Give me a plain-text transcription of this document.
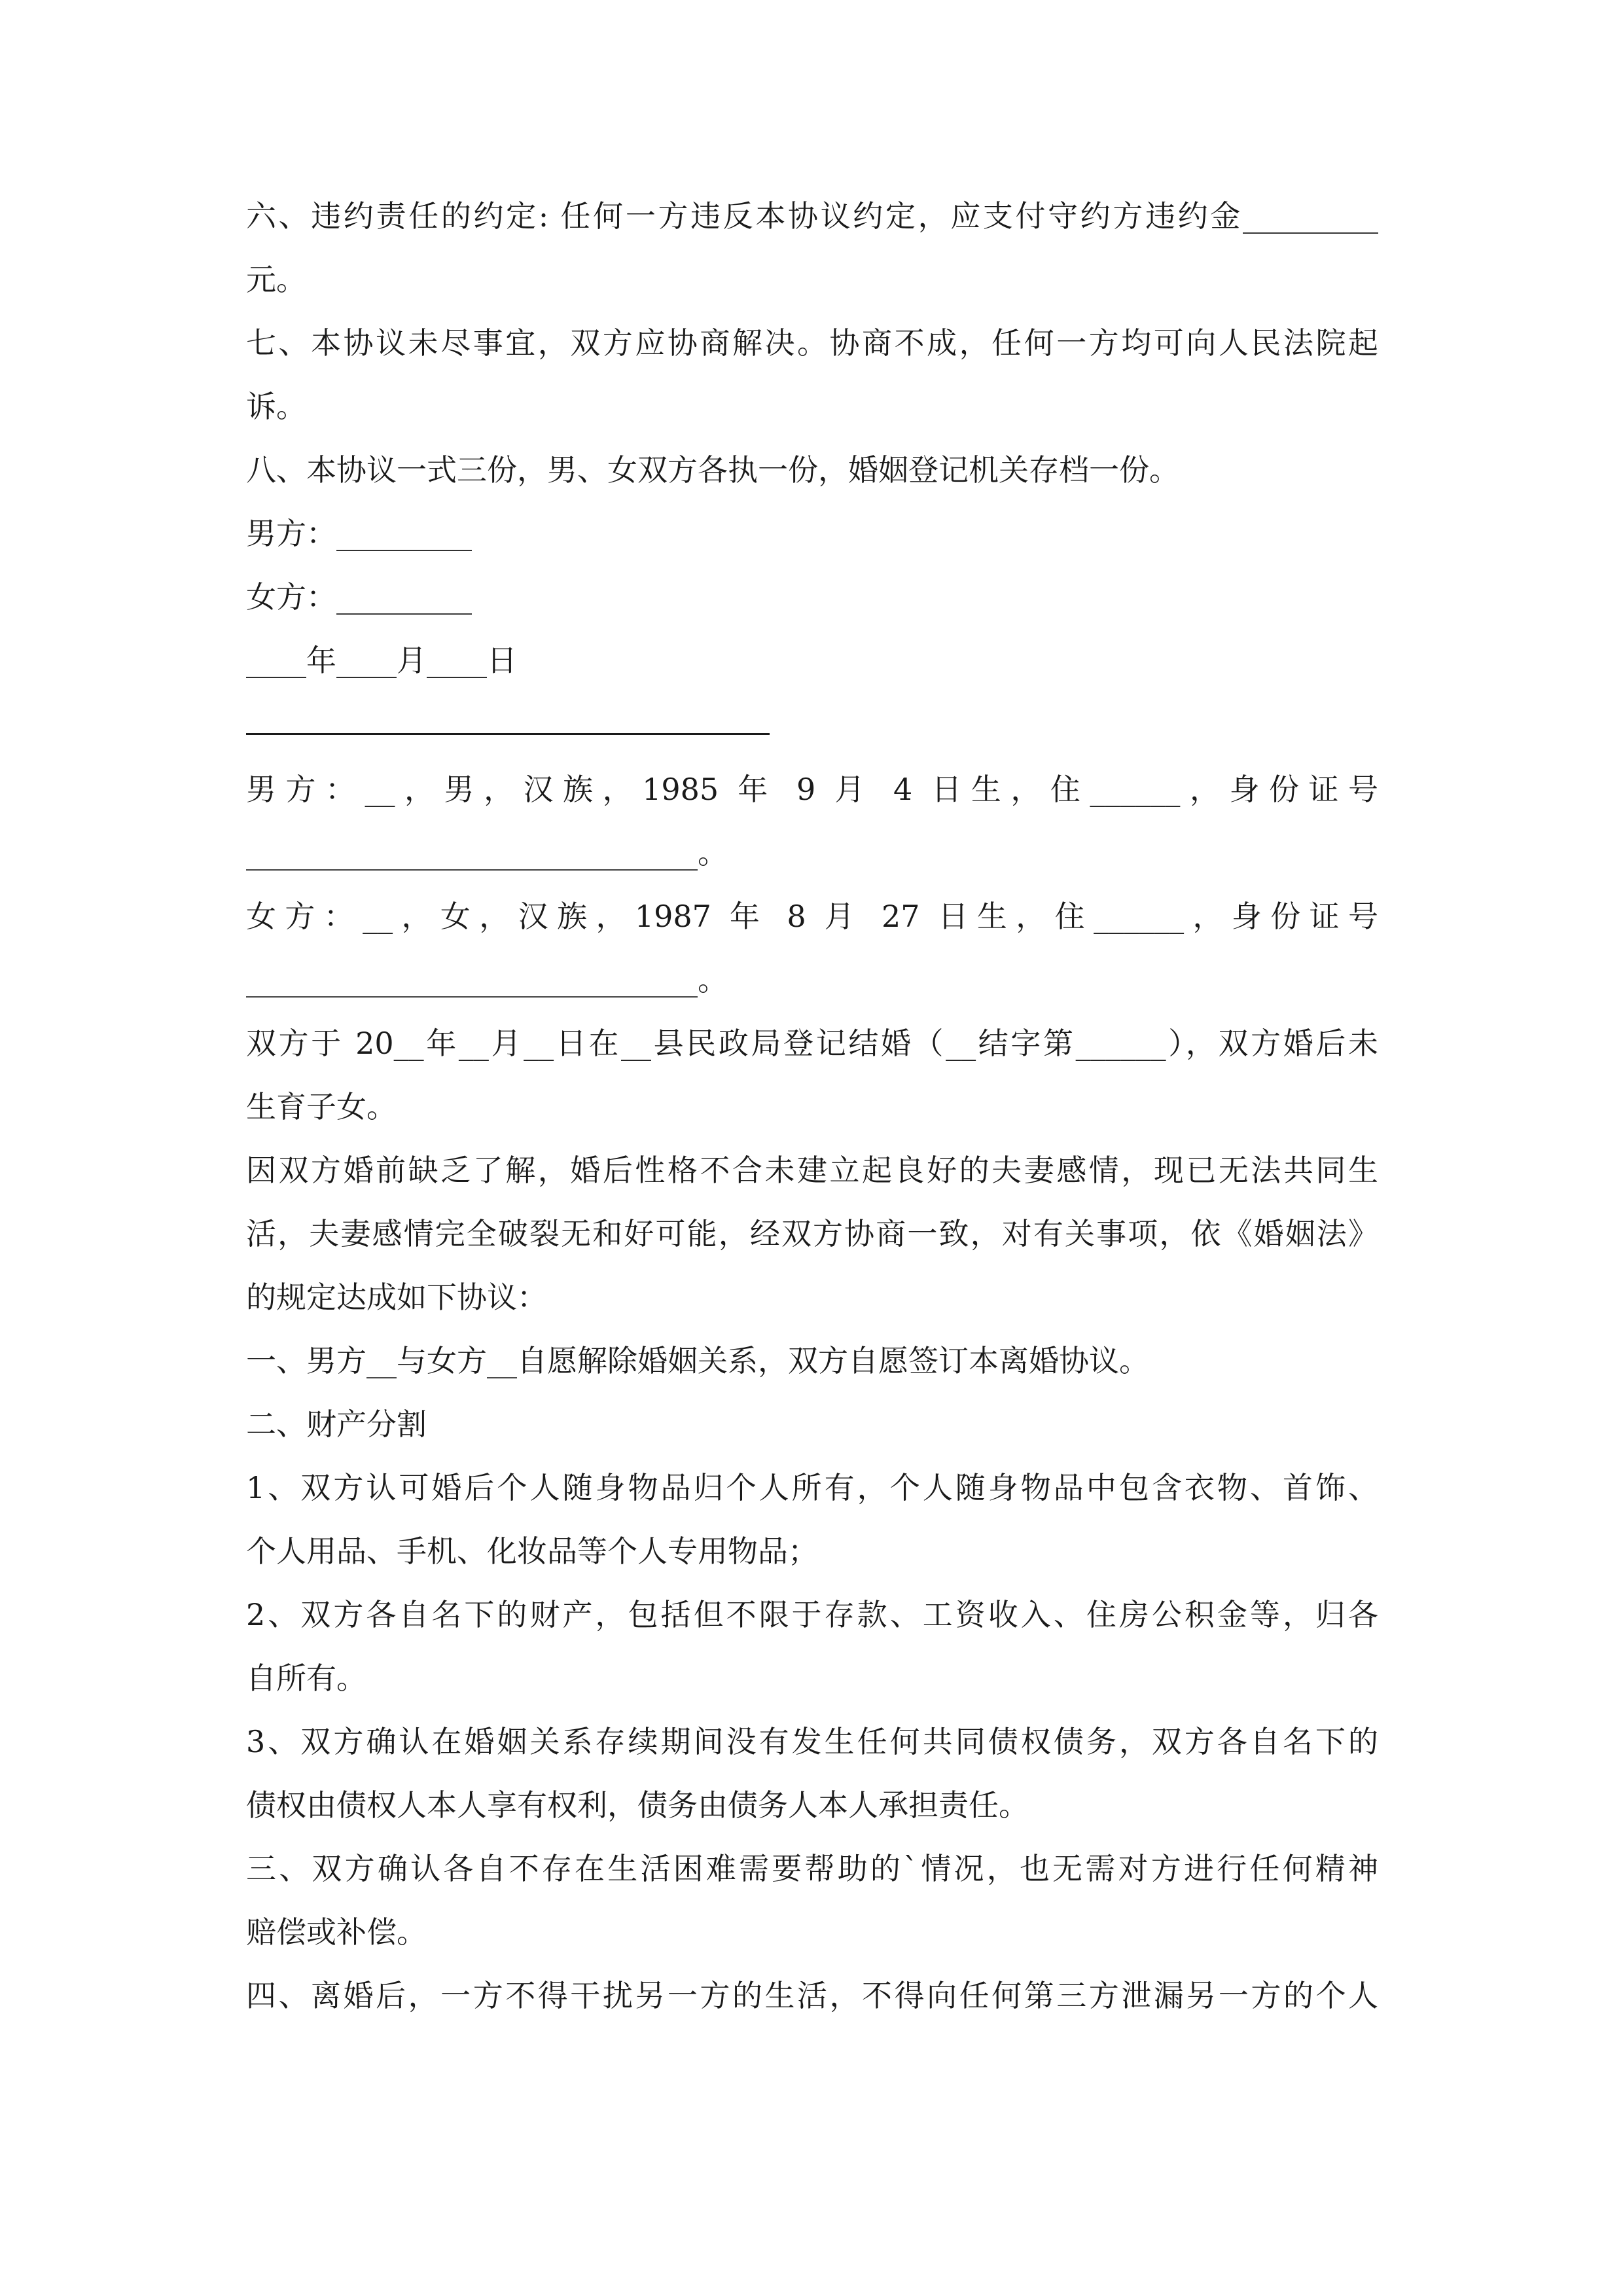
六、违约责任的约定: 任何一方违反本协议约定，应支付守约方违约金_________
元。
七、本协议未尽事宜，双方应协商解决。协商不成，任何一方均可向人民法院起
诉。
八、本协议一式三份，男、女双方各执一份，婚姻登记机关存档一份。
男方：_________
女方：_________
____年____月____日
男方：__，男，汉族，1985 年 9 月 4 日生，住______，身份证号
______________________________。
女方：__，女，汉族，1987 年 8 月 27 日生，住______，身份证号
______________________________。
双方于 20__年__月__日在__县民政局登记结婚（__结字第______），双方婚后未
生育子女。
因双方婚前缺乏了解，婚后性格不合未建立起良好的夫妻感情，现已无法共同生
活，夫妻感情完全破裂无和好可能，经双方协商一致，对有关事项，依《婚姻法》
的规定达成如下协议：
一、男方__与女方__自愿解除婚姻关系，双方自愿签订本离婚协议。
二、财产分割
1、双方认可婚后个人随身物品归个人所有，个人随身物品中包含衣物、首饰、
个人用品、手机、化妆品等个人专用物品；
2、双方各自名下的财产，包括但不限于存款、工资收入、住房公积金等，归各
自所有。
3、双方确认在婚姻关系存续期间没有发生任何共同债权债务，双方各自名下的
债权由债权人本人享有权利，债务由债务人本人承担责任。
三、双方确认各自不存在生活困难需要帮助的`情况，也无需对方进行任何精神
赔偿或补偿。
四、离婚后，一方不得干扰另一方的生活，不得向任何第三方泄漏另一方的个人
